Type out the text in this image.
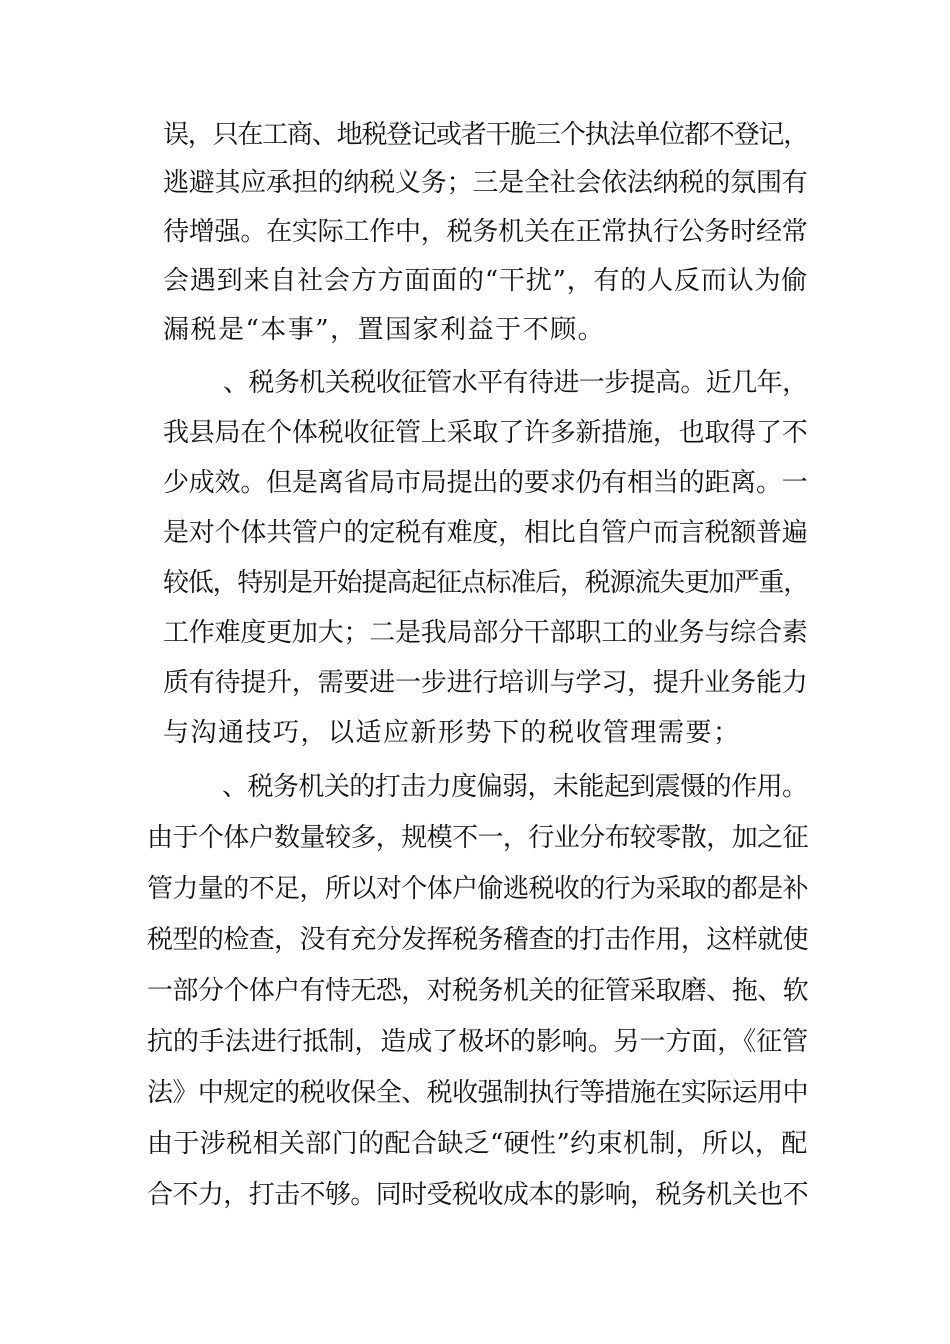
误，只在工商、地税登记或者干脆三个执法单位都不登记，

逃避其应承担的纳税义务；三是全社会依法纳税的氛围有

待增强。在实际工作中，税务机关在正常执行公务时经常

会遇到来自社会方方面面的“干扰”，有的人反而认为偷

漏税是“本事”，置国家利益于不顾。

、税务机关税收征管水平有待进一步提高。近几年，

我县局在个体税收征管上采取了许多新措施，也取得了不

少成效。但是离省局市局提出的要求仍有相当的距离。一

是对个体共管户的定税有难度，相比自管户而言税额普遍

较低，特别是开始提高起征点标准后，税源流失更加严重，

工作难度更加大；二是我局部分干部职工的业务与综合素

质有待提升，需要进一步进行培训与学习，提升业务能力

与沟通技巧，以适应新形势下的税收管理需要；

、税务机关的打击力度偏弱，未能起到震慑的作用。

由于个体户数量较多，规模不一，行业分布较零散，加之征

管力量的不足，所以对个体户偷逃税收的行为采取的都是补

税型的检查，没有充分发挥税务稽查的打击作用，这样就使

一部分个体户有恃无恐，对税务机关的征管采取磨、拖、软

抗的手法进行抵制，造成了极坏的影响。另一方面，《征管

法》中规定的税收保全、税收强制执行等措施在实际运用中

由于涉税相关部门的配合缺乏“硬性”约束机制，所以，配

合不力，打击不够。同时受税收成本的影响，税务机关也不
